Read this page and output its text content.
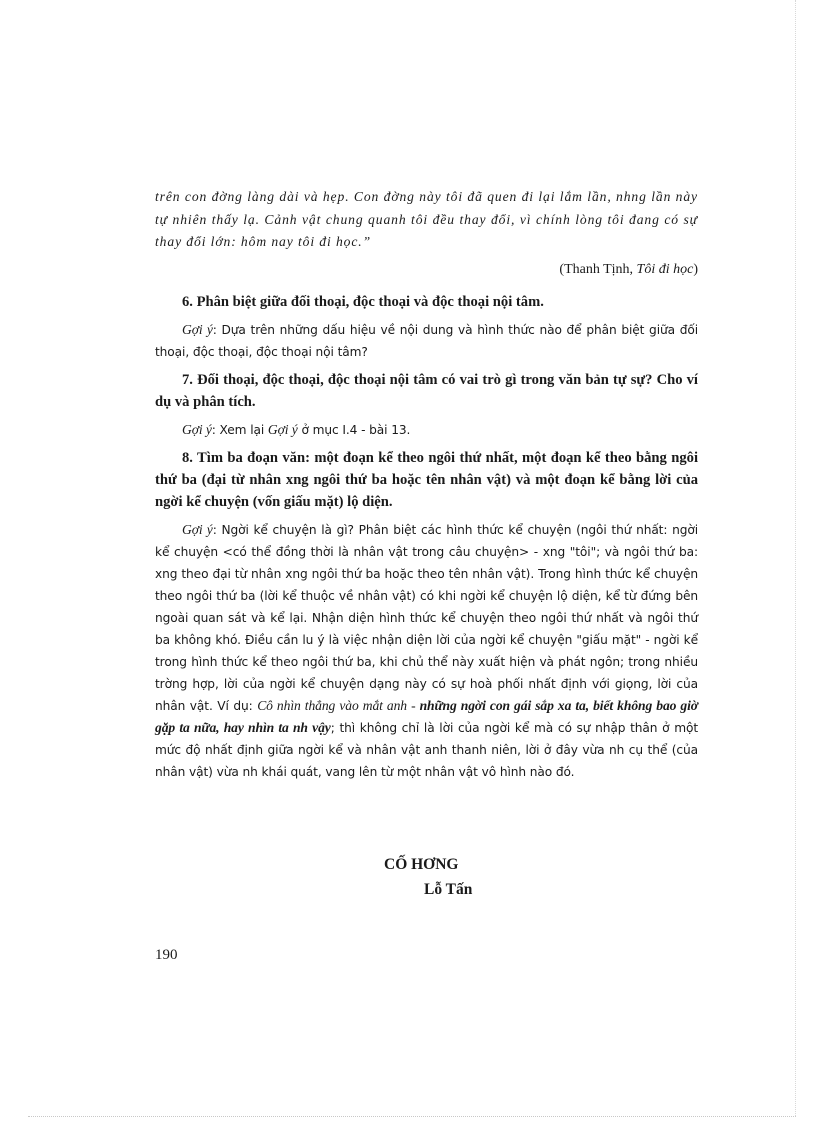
trên con đờng làng dài và hẹp. Con đờng này tôi đã quen đi lại lắm lần, nhng lần này tự nhiên thấy lạ. Cảnh vật chung quanh tôi đều thay đổi, vì chính lòng tôi đang có sự thay đổi lớn: hôm nay tôi đi học.”

(Thanh Tịnh, Tôi đi học)

6. Phân biệt giữa đối thoại, độc thoại và độc thoại nội tâm.

Gợi ý: Dựa trên những dấu hiệu về nội dung và hình thức nào để phân biệt giữa đối thoại, độc thoại, độc thoại nội tâm?

7. Đối thoại, độc thoại, độc thoại nội tâm có vai trò gì trong văn bản tự sự? Cho ví dụ và phân tích.

Gợi ý: Xem lại Gợi ý ở mục I.4 - bài 13.

8. Tìm ba đoạn văn: một đoạn kể theo ngôi thứ nhất, một đoạn kể theo bằng ngôi thứ ba (đại từ nhân xng ngôi thứ ba hoặc tên nhân vật) và một đoạn kể bằng lời của ngời kể chuyện (vốn giấu mặt) lộ diện.

Gợi ý: Ngời kể chuyện là gì? Phân biệt các hình thức kể chuyện (ngôi thứ nhất: ngời kể chuyện <có thể đồng thời là nhân vật trong câu chuyện> - xng "tôi"; và ngôi thứ ba: xng theo đại từ nhân xng ngôi thứ ba hoặc theo tên nhân vật). Trong hình thức kể chuyện theo ngôi thứ ba (lời kể thuộc về nhân vật) có khi ngời kể chuyện lộ diện, kể từ đứng bên ngoài quan sát và kể lại. Nhận diện hình thức kể chuyện theo ngôi thứ nhất và ngôi thứ ba không khó. Điều cần lu ý là việc nhận diện lời của ngời kể chuyện "giấu mặt" - ngời kể trong hình thức kể theo ngôi thứ ba, khi chủ thể này xuất hiện và phát ngôn; trong nhiều trờng hợp, lời của ngời kể chuyện dạng này có sự hoà phối nhất định với giọng, lời của nhân vật. Ví dụ: Cô nhìn thẳng vào mắt anh - những ngời con gái sắp xa ta, biết không bao giờ gặp ta nữa, hay nhìn ta nh vậy; thì không chỉ là lời của ngời kể mà có sự nhập thân ở một mức độ nhất định giữa ngời kể và nhân vật anh thanh niên, lời ở đây vừa nh cụ thể (của nhân vật) vừa nh khái quát, vang lên từ một nhân vật vô hình nào đó.

CỐ HƠNG
Lỗ Tấn
190
